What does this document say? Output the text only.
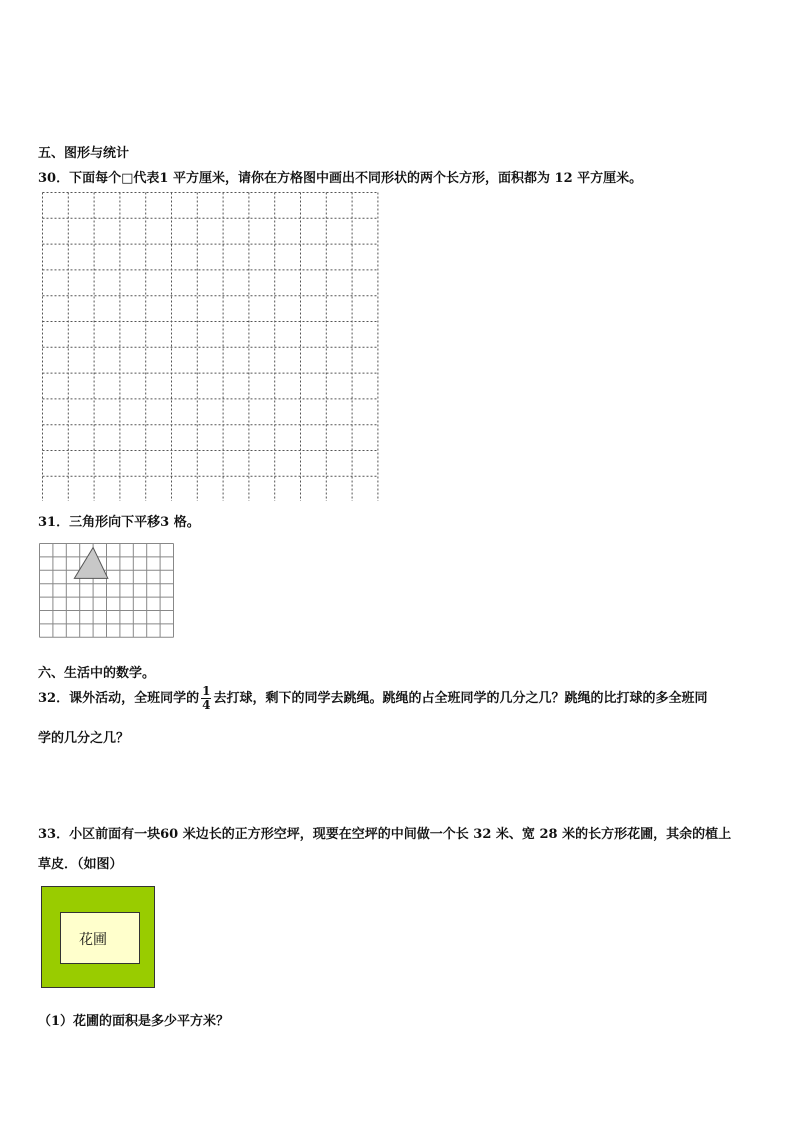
五、图形与统计
30．下面每个□代表1 平方厘米，请你在方格图中画出不同形状的两个长方形，面积都为 12 平方厘米。
31．三角形向下平移3 格。
六、生活中的数学。
32．课外活动，全班同学的 $\frac{1}{4}$ 去打球，剩下的同学去跳绳。跳绳的占全班同学的几分之几？跳绳的比打球的多全班同
学的几分之几？
33．小区前面有一块60 米边长的正方形空坪，现要在空坪的中间做一个长 32 米、宽 28 米的长方形花圃，其余的植上
草皮．（如图）
花圃
（1）花圃的面积是多少平方米？
